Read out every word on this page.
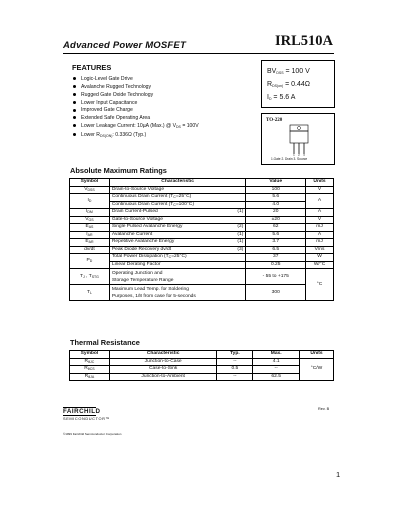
Advanced Power MOSFET	IRL510A
FEATURES
Logic-Level Gate Drive
Avalanche Rugged Technology
Rugged Gate Oxide Technology
Lower Input Capacitance
Improved Gate Charge
Extended Safe Operating Area
Lower Leakage Current: 10µA (Max.) @ $V_{DS} = 100V$
Lower $R_{DS(ON)}$: 0.336Ω (Typ.)
$BV_{DSS} = 100$ V
$R_{DS(on)} = 0.44\Omega$
$I_D = 5.6$ A
TO-220
1 2 3
1.Gate 2. Drain 3. Source
Absolute Maximum Ratings
Symbol	Characteristic	Value	Units
$V_{DSS}$	Drain-to-Source Voltage	100	V
$I_D$	Continuous Drain Current $(T_C=25^\circ C)$	5.6	A
	Continuous Drain Current $(T_C=100^\circ C)$	4.0	
$I_{DM}$	Drain Current-Pulsed (1)	20	A
$V_{GS}$	Gate-to-Source Voltage	±20	V
$E_{AS}$	Single Pulsed Avalanche Energy (2)	62	mJ
$I_{AR}$	Avalanche Current (1)	5.6	A
$E_{AR}$	Repetitive Avalanche Energy (1)	3.7	mJ
dv/dt	Peak Diode Recovery dv/dt (3)	6.5	V/ns
$P_D$	Total Power Dissipation $(T_C=25^\circ C)$	37	W
	Linear Derating Factor	0.25	W/°C
$T_J$ , $T_{STG}$	Operating Junction and
Storage Temperature Range	- 55 to +175	°C
$T_L$	Maximum Lead Temp. for Soldering
Purposes, 1/8 from case for 5-seconds	300	
Thermal Resistance
Symbol	Characteristic	Typ.	Max.	Units
$R_{\theta JC}$	Junction-to-Case	--	4.1	°C/W
$R_{\theta CS}$	Case-to-Sink	0.5	--	
$R_{\theta JA}$	Junction-to-Ambient	--	62.5	
FAIRCHILD
SEMICONDUCTOR™
©1999 Fairchild Semiconductor Corporation
Rev. B
1
